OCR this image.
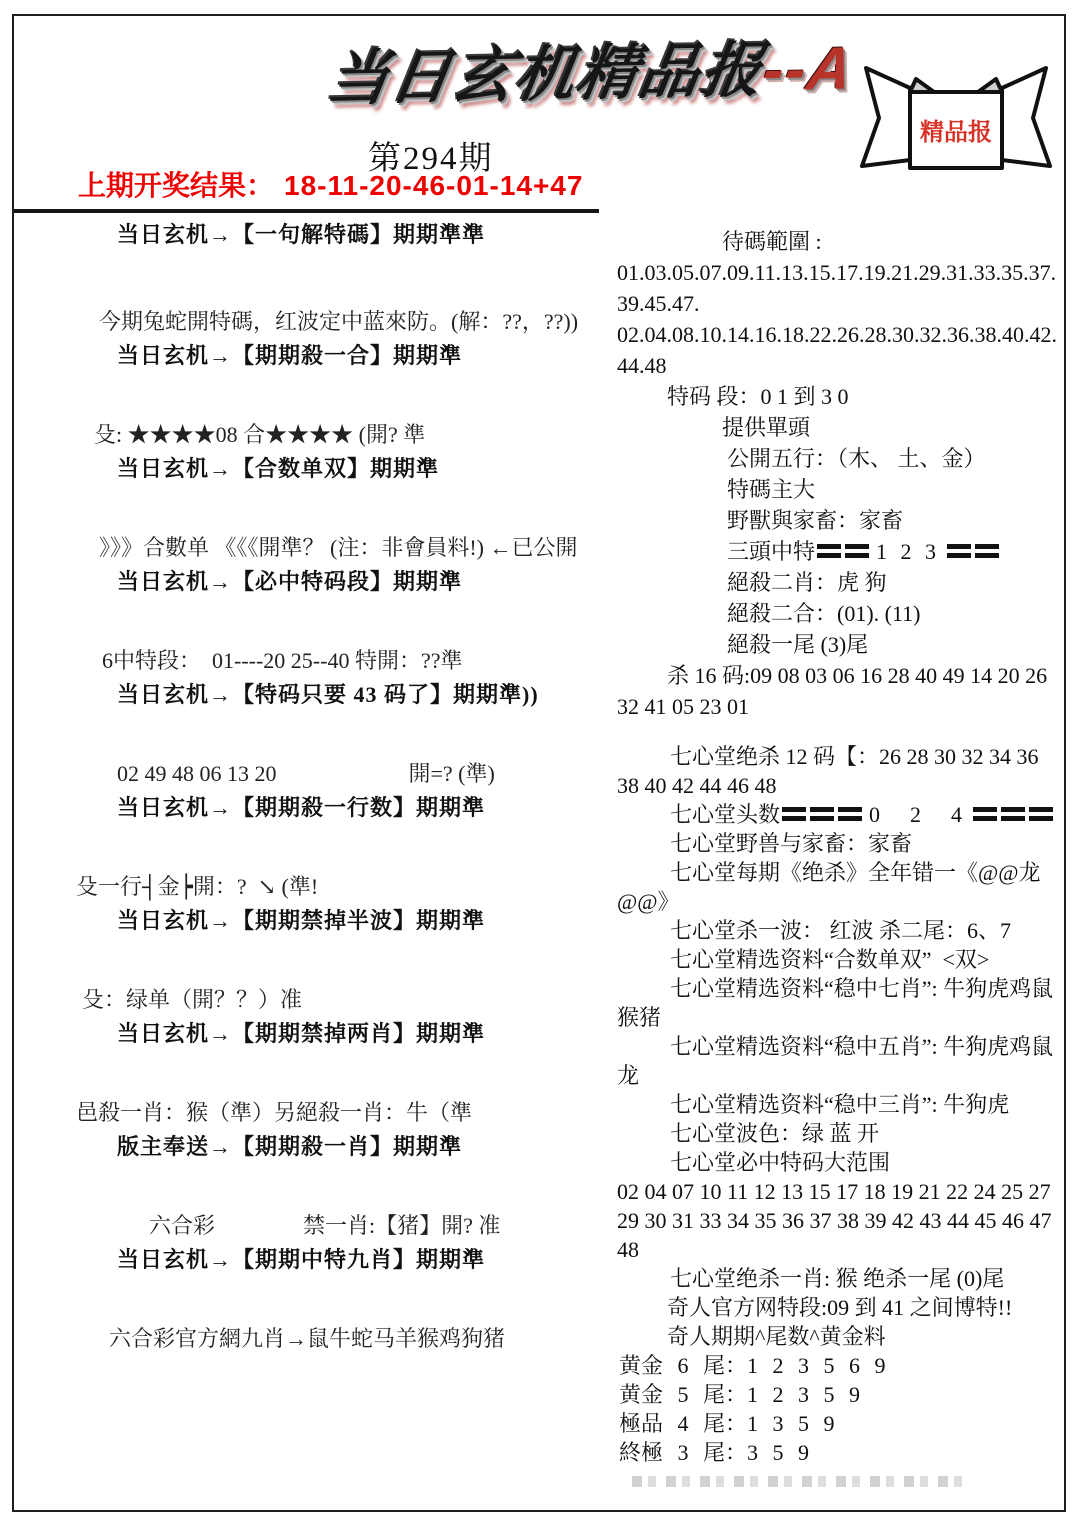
当日玄机精品报--A
第294期
上期开奖结果： 18-11-20-46-01-14+47
精品报
当日玄机→【一句解特碼】期期準準
今期兔蛇開特碼，红波定中蓝來防。(解：??，??))
当日玄机→【期期殺一合】期期準
殳: ★★★★08 合★★★★ (開? 準
当日玄机→【合数单双】期期準
》》》合數单 《《《開準？ (注：非會員料!) ←已公開
当日玄机→【必中特码段】期期準
6中特段：  01----20 25--40 特開：??準
当日玄机→【特码只要 43 码了】期期準))
02 49 48 06 13 20                        開=? (準)
当日玄机→【期期殺一行数】期期準
殳一行┤金┝開：?  ↘ (準!
当日玄机→【期期禁掉半波】期期準
殳：绿单（開？？）准
当日玄机→【期期禁掉两肖】期期準
邑殺一肖：猴（準）另絕殺一肖：牛（準
版主奉送→【期期殺一肖】期期準
六合彩                禁一肖:【猪】開? 准
当日玄机→【期期中特九肖】期期準
六合彩官方網九肖→鼠牛蛇马羊猴鸡狗猪
待碼範圍 :
01.03.05.07.09.11.13.15.17.19.21.29.31.33.35.37.39.45.47.
02.04.08.10.14.16.18.22.26.28.30.32.36.38.40.42.44.48
特码 段：0 1 到 3 0
提供單頭
公開五行：（木、 土、金）
特碼主大
野獸與家畜：家畜
三頭中特	1 2 3
絕殺二肖：虎 狗
絕殺二合：(01). (11)
絕殺一尾 (3)尾
杀 16 码:09 08 03 06 16 28 40 49 14 20 26 32 41 05 23 01
七心堂绝杀 12 码【：26 28 30 32 34 36 38 40 42 44 46 48
七心堂头数	0　2　4
七心堂野兽与家畜：家畜
七心堂每期《绝杀》全年错一《@@龙@@》
七心堂杀一波： 红波 杀二尾：6、7
七心堂精选资料“合数单双”  <双>
七心堂精选资料“稳中七肖”: 牛狗虎鸡鼠猴猪
七心堂精选资料“稳中五肖”: 牛狗虎鸡鼠龙
七心堂精选资料“稳中三肖”: 牛狗虎
七心堂波色：绿 蓝 开
七心堂必中特码大范围
02 04 07 10 11 12 13 15 17 18 19 21 22 24 25 27 29 30 31 33 34 35 36 37 38 39 42 43 44 45 46 47 48
七心堂绝杀一肖: 猴 绝杀一尾 (0)尾
奇人官方网特段:09 到 41 之间博特!!
奇人期期^尾数^黄金料
黄金 6 尾：1 2 3 5 6 9
黄金 5 尾：1 2 3 5 9
極品 4 尾：1 3 5 9
終極 3 尾：3 5 9
